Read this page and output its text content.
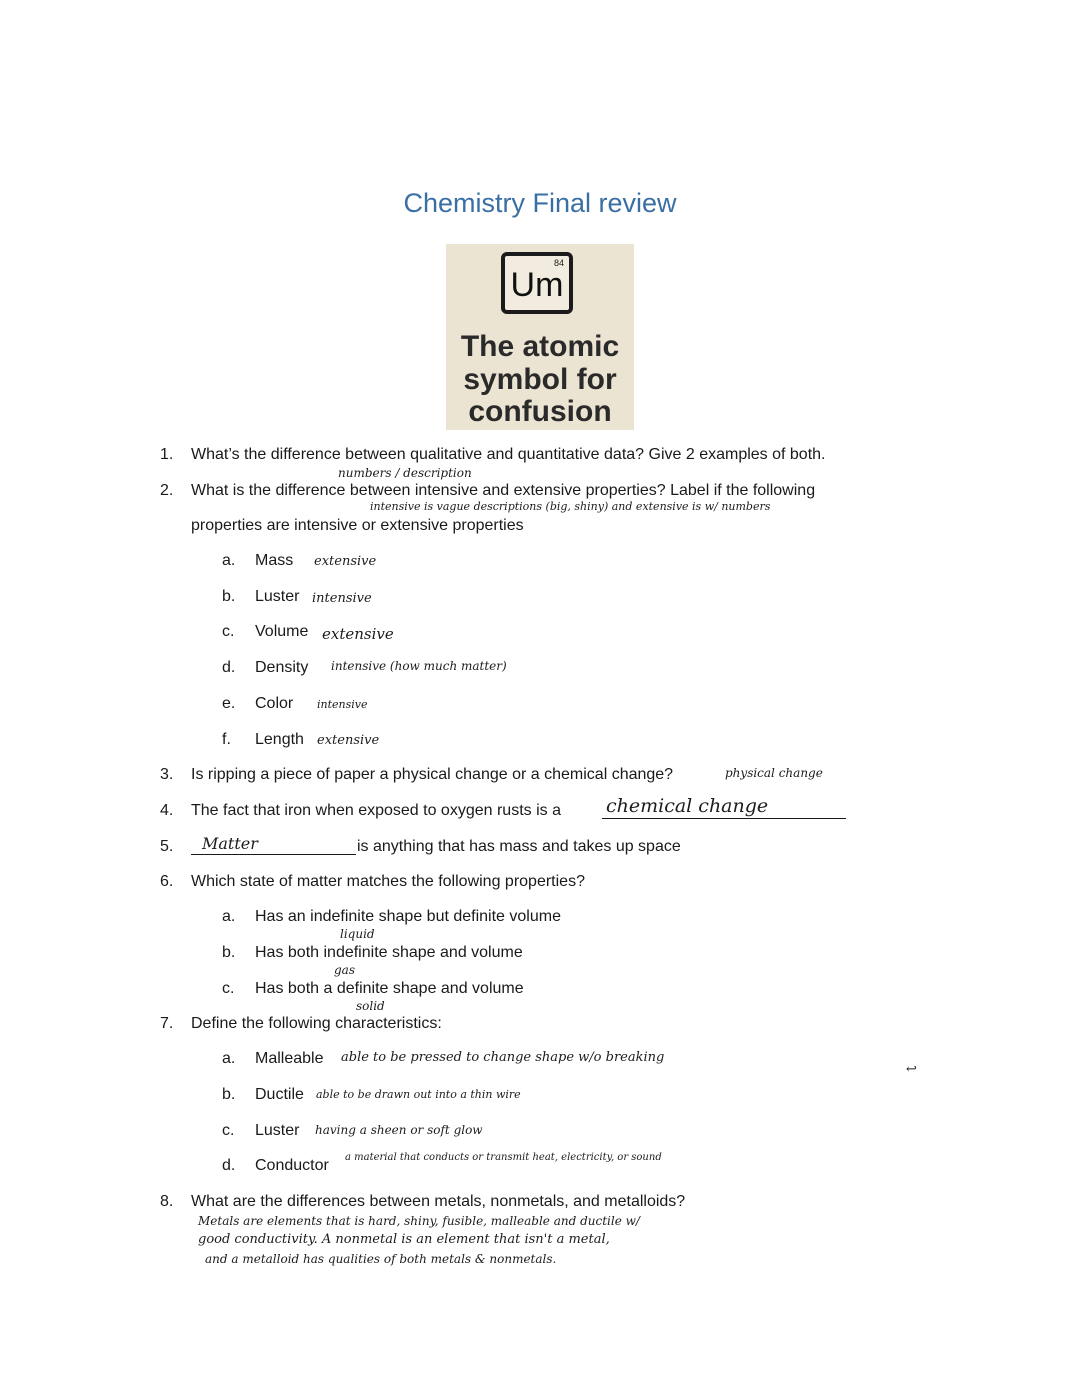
Chemistry Final review
84
Um
The atomic
symbol for
confusion
1. What’s the difference between qualitative and quantitative data? Give 2 examples of both.
numbers / description
2. What is the difference between intensive and extensive properties? Label if the following
intensive is vague descriptions (big, shiny) and extensive is w/ numbers
properties are intensive or extensive properties
a. Mass extensive
b. Luster intensive
c. Volume extensive
d. Density intensive (how much matter)
e. Color intensive
f. Length extensive
3. Is ripping a piece of paper a physical change or a chemical change?	physical change
4. The fact that iron when exposed to oxygen rusts is a chemical change
5. Matter	is anything that has mass and takes up space
6. Which state of matter matches the following properties?
a. Has an indefinite shape but definite volume
liquid
b. Has both indefinite shape and volume
gas
c. Has both a definite shape and volume
solid
7. Define the following characteristics:
a. Malleable able to be pressed to change shape w/o breaking
b. Ductile able to be drawn out into a thin wire
c. Luster having a sheen or soft glow
d. Conductor a material that conducts or transmit heat, electricity, or sound
8. What are the differences between metals, nonmetals, and metalloids?
Metals are elements that is hard, shiny, fusible, malleable and ductile w/
good conductivity. A nonmetal is an element that isn't a metal,
and a metalloid has qualities of both metals & nonmetals.
↩
